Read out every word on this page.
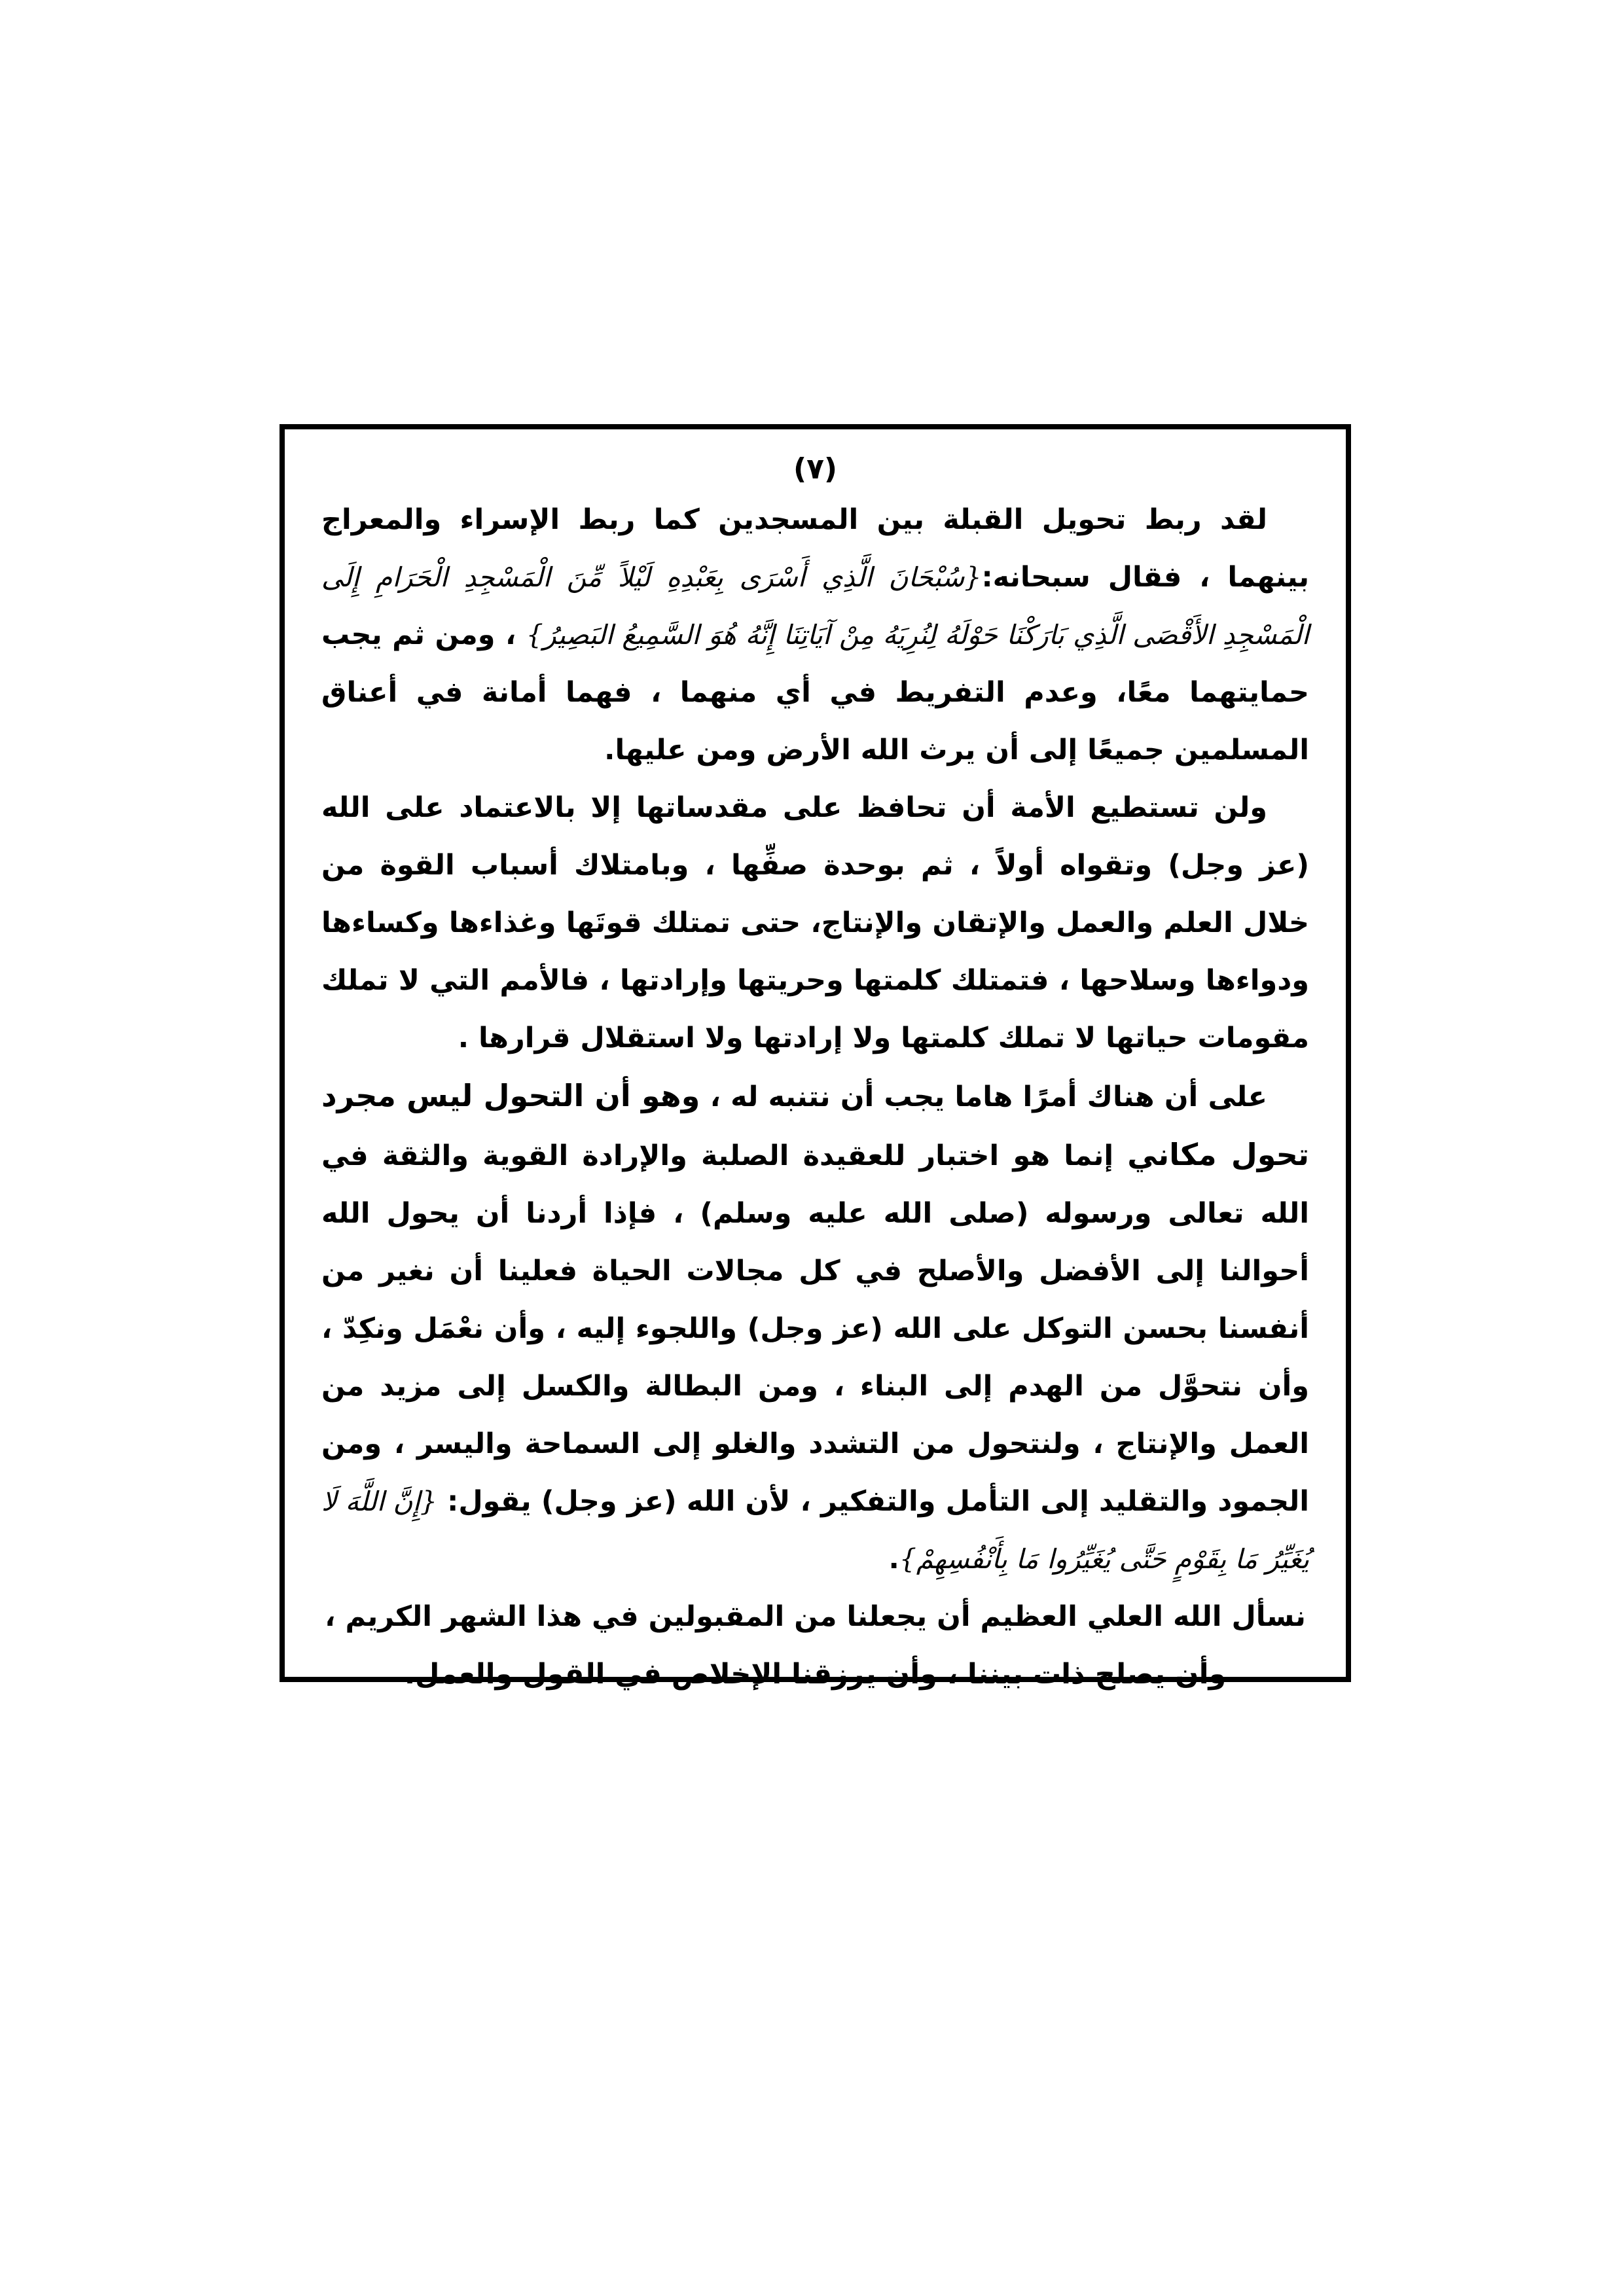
(٧)

لقد ربط تحويل القبلة بين المسجدين كما ربط الإسراء والمعراج بينهما ، فقال سبحانه:{سُبْحَانَ الَّذِي أَسْرَى بِعَبْدِهِ لَيْلاً مِّنَ الْمَسْجِدِ الْحَرَامِ إِلَى الْمَسْجِدِ الأَقْصَى الَّذِي بَارَكْنَا حَوْلَهُ لِنُرِيَهُ مِنْ آيَاتِنَا إِنَّهُ هُوَ السَّمِيعُ البَصِيرُ} ، ومن ثم يجب حمايتهما معًا، وعدم التفريط في أي منهما ، فهما أمانة في أعناق المسلمين جميعًا إلى أن يرث الله الأرض ومن عليها.

ولن تستطيع الأمة أن تحافظ على مقدساتها إلا بالاعتماد على الله (عز وجل) وتقواه أولاً ، ثم بوحدة صفِّها ، وبامتلاك أسباب القوة من خلال العلم والعمل والإتقان والإنتاج، حتى تمتلك قوتَها وغذاءها وكساءها ودواءها وسلاحها ، فتمتلك كلمتها وحريتها وإرادتها ، فالأمم التي لا تملك مقومات حياتها لا تملك كلمتها ولا إرادتها ولا استقلال قرارها .

على أن هناك أمرًا هاما يجب أن نتنبه له ، وهو أن التحول ليس مجرد تحول مكاني إنما هو اختبار للعقيدة الصلبة والإرادة القوية والثقة في الله تعالى ورسوله (صلى الله عليه وسلم) ، فإذا أردنا أن يحول الله أحوالنا إلى الأفضل والأصلح في كل مجالات الحياة فعلينا أن نغير من أنفسنا بحسن التوكل على الله (عز وجل) واللجوء إليه ، وأن نعْمَل ونكِدّ ، وأن نتحوَّل من الهدم إلى البناء ، ومن البطالة والكسل إلى مزيد من العمل والإنتاج ، ولنتحول من التشدد والغلو إلى السماحة واليسر ، ومن الجمود والتقليد إلى التأمل والتفكير ، لأن الله (عز وجل) يقول: {إِنَّ اللَّهَ لَا يُغَيِّرُ مَا بِقَوْمٍ حَتَّى يُغَيِّرُوا مَا بِأَنْفُسِهِمْ}.

نسأل الله العلي العظيم أن يجعلنا من المقبولين في هذا الشهر الكريم ، وأن يصلح ذات بيننا ، وأن يرزقنا الإخلاص في القول والعمل.
